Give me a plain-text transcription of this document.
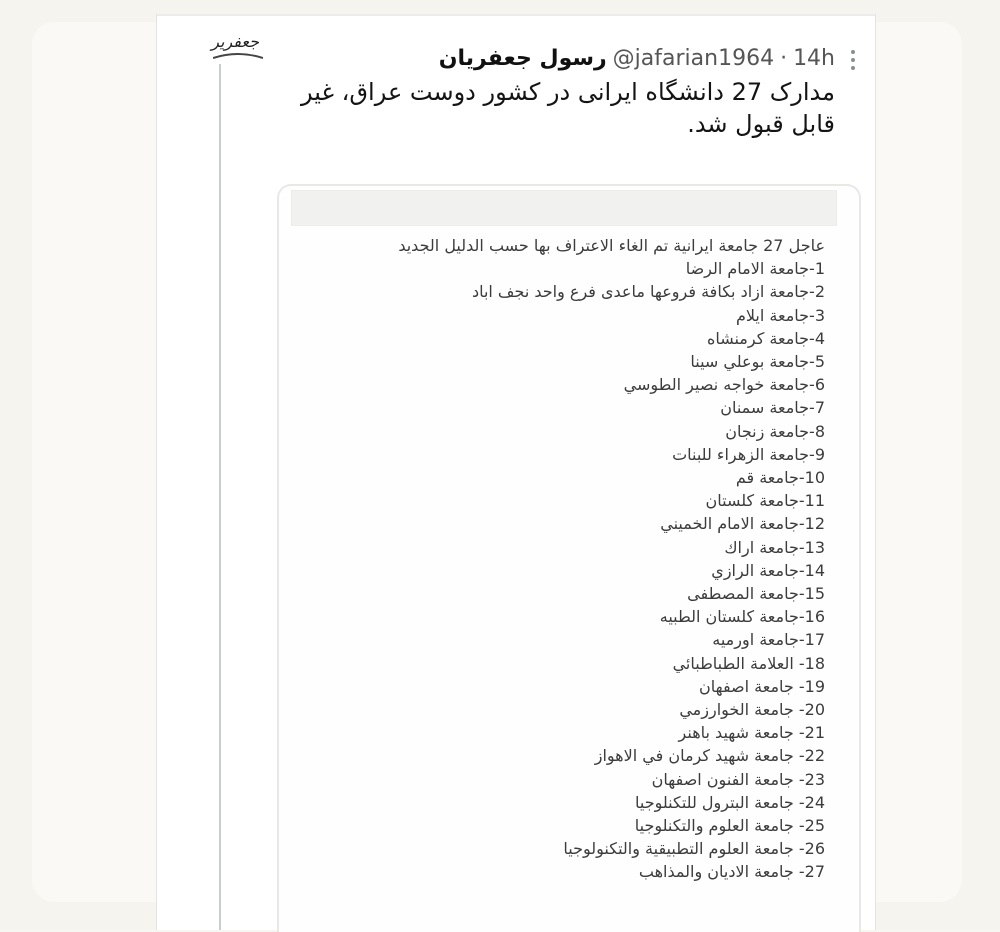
جعفریر
رسول جعفریان @jafarian1964 · 14h
مدارک 27 دانشگاه ایرانی در کشور دوست عراق، غیر
قابل قبول شد.
عاجل 27 جامعة ايرانية تم الغاء الاعتراف بها حسب الدليل الجديد
1-جامعة الامام الرضا
2-جامعة ازاد بكافة فروعها ماعدى فرع واحد نجف اباد
3-جامعة ايلام
4-جامعة كرمنشاه
5-جامعة بوعلي سينا
6-جامعة خواجه نصير الطوسي
7-جامعة سمنان
8-جامعة زنجان
9-جامعة الزهراء للبنات
10-جامعة قم
11-جامعة كلستان
12-جامعة الامام الخميني
13-جامعة اراك
14-جامعة الرازي
15-جامعة المصطفى
16-جامعة كلستان الطبيه
17-جامعة اورميه
18- العلامة الطباطبائي
19- جامعة اصفهان
20- جامعة الخوارزمي
21- جامعة شهيد باهنر
22- جامعة شهيد كرمان في الاهواز
23- جامعة الفنون اصفهان
24- جامعة البترول للتكنلوجيا
25- جامعة العلوم والتكنلوجيا
26- جامعة العلوم التطبيقية والتكنولوجيا
27- جامعة الاديان والمذاهب
